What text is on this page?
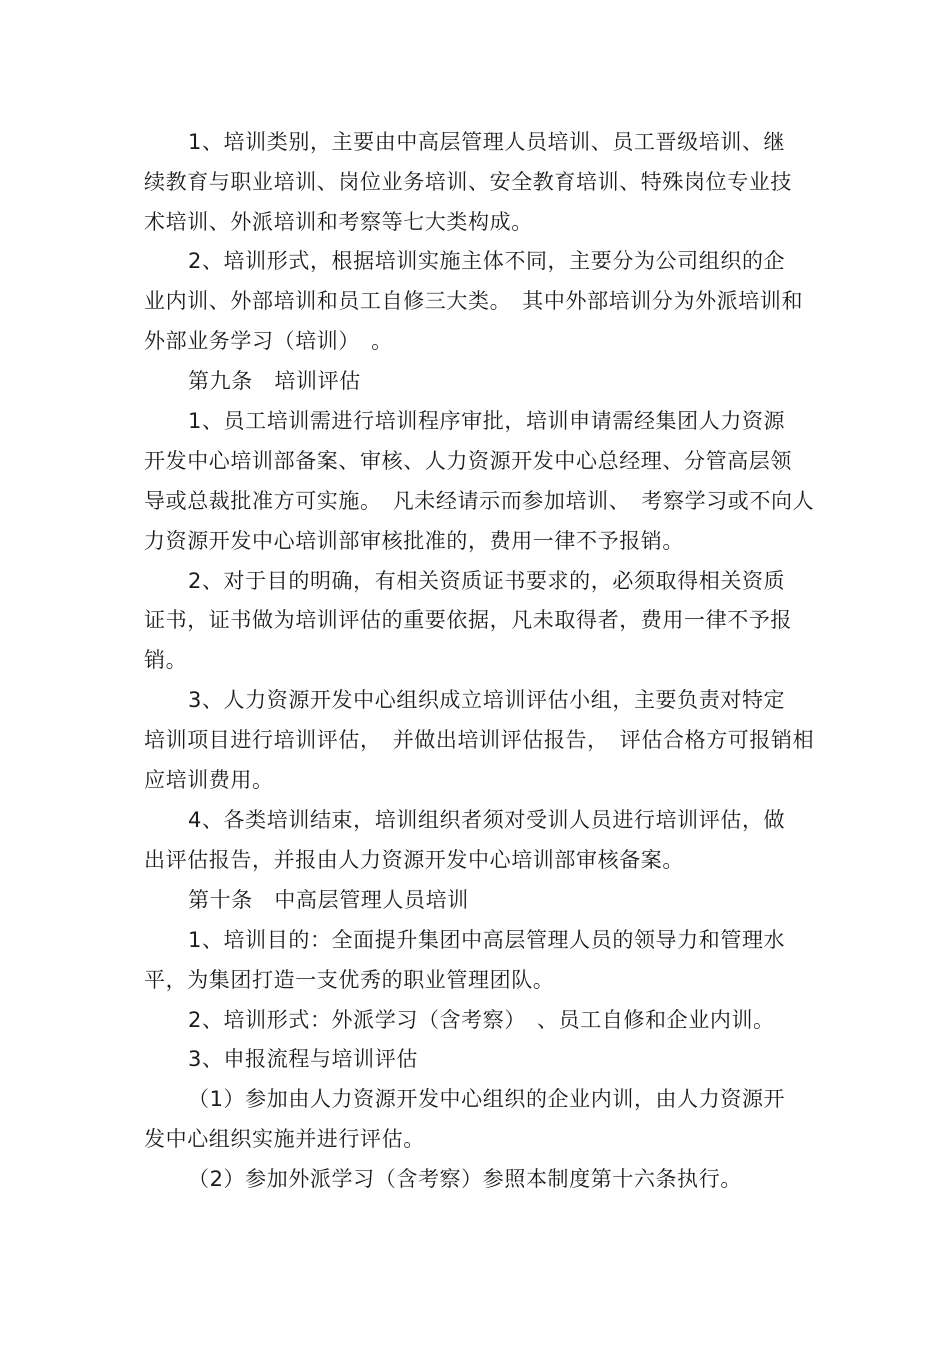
1、培训类别，主要由中高层管理人员培训、员工晋级培训、继
续教育与职业培训、岗位业务培训、安全教育培训、特殊岗位专业技
术培训、外派培训和考察等七大类构成。
2、培训形式，根据培训实施主体不同，主要分为公司组织的企
业内训、外部培训和员工自修三大类。　其中外部培训分为外派培训和
外部业务学习（培训）　。
第九条　培训评估
1、员工培训需进行培训程序审批，培训申请需经集团人力资源
开发中心培训部备案、审核、人力资源开发中心总经理、分管高层领
导或总裁批准方可实施。　凡未经请示而参加培训、　考察学习或不向人
力资源开发中心培训部审核批准的，费用一律不予报销。
2、对于目的明确，有相关资质证书要求的，必须取得相关资质
证书，证书做为培训评估的重要依据，凡未取得者，费用一律不予报
销。
3、人力资源开发中心组织成立培训评估小组，主要负责对特定
培训项目进行培训评估，　并做出培训评估报告，　评估合格方可报销相
应培训费用。
4、各类培训结束，培训组织者须对受训人员进行培训评估，做
出评估报告，并报由人力资源开发中心培训部审核备案。
第十条　中高层管理人员培训
1、培训目的：全面提升集团中高层管理人员的领导力和管理水
平，为集团打造一支优秀的职业管理团队。
2、培训形式：外派学习（含考察）　、员工自修和企业内训。
3、申报流程与培训评估
（1）参加由人力资源开发中心组织的企业内训，由人力资源开
发中心组织实施并进行评估。
（2）参加外派学习（含考察）参照本制度第十六条执行。
